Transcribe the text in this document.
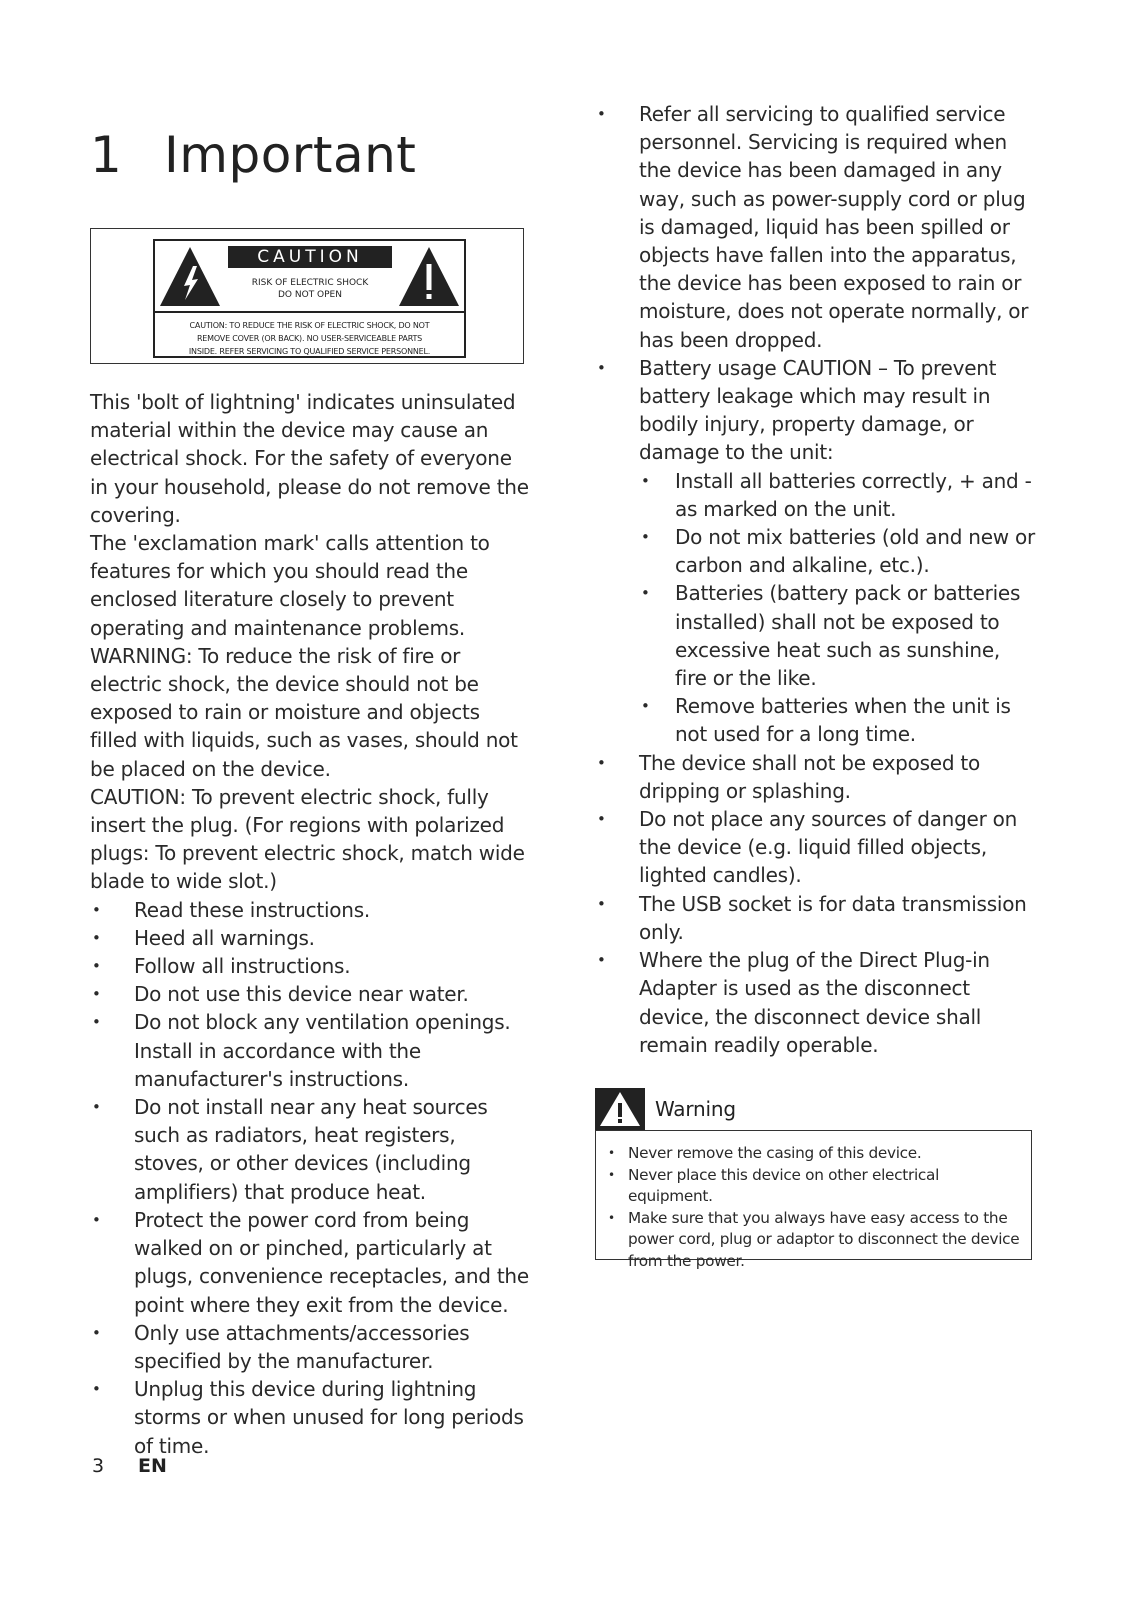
1 Important
CAUTION
RISK OF ELECTRIC SHOCK
DO NOT OPEN
CAUTION: TO REDUCE THE RISK OF ELECTRIC SHOCK, DO NOT
REMOVE COVER (OR BACK). NO USER-SERVICEABLE PARTS
INSIDE. REFER SERVICING TO QUALIFIED SERVICE PERSONNEL.

This 'bolt of lightning' indicates uninsulated material within the device may cause an electrical shock. For the safety of everyone in your household, please do not remove the covering.

The 'exclamation mark' calls attention to features for which you should read the enclosed literature closely to prevent operating and maintenance problems.

WARNING: To reduce the risk of fire or electric shock, the device should not be exposed to rain or moisture and objects filled with liquids, such as vases, should not be placed on the device.

CAUTION: To prevent electric shock, fully insert the plug. (For regions with polarized plugs: To prevent electric shock, match wide blade to wide slot.)

• Read these instructions.
• Heed all warnings.
• Follow all instructions.
• Do not use this device near water.
• Do not block any ventilation openings. Install in accordance with the manufacturer's instructions.
• Do not install near any heat sources such as radiators, heat registers, stoves, or other devices (including amplifiers) that produce heat.
• Protect the power cord from being walked on or pinched, particularly at plugs, convenience receptacles, and the point where they exit from the device.
• Only use attachments/accessories specified by the manufacturer.
• Unplug this device during lightning storms or when unused for long periods of time.
• Refer all servicing to qualified service personnel. Servicing is required when the device has been damaged in any way, such as power-supply cord or plug is damaged, liquid has been spilled or objects have fallen into the apparatus, the device has been exposed to rain or moisture, does not operate normally, or has been dropped.
• Battery usage CAUTION – To prevent battery leakage which may result in bodily injury, property damage, or damage to the unit:
• Install all batteries correctly, + and - as marked on the unit.
• Do not mix batteries (old and new or carbon and alkaline, etc.).
• Batteries (battery pack or batteries installed) shall not be exposed to excessive heat such as sunshine, fire or the like.
• Remove batteries when the unit is not used for a long time.
• The device shall not be exposed to dripping or splashing.
• Do not place any sources of danger on the device (e.g. liquid filled objects, lighted candles).
• The USB socket is for data transmission only.
• Where the plug of the Direct Plug-in Adapter is used as the disconnect device, the disconnect device shall remain readily operable.
Warning
• Never remove the casing of this device.
• Never place this device on other electrical equipment.
• Make sure that you always have easy access to the power cord, plug or adaptor to disconnect the device from the power.
3 EN
